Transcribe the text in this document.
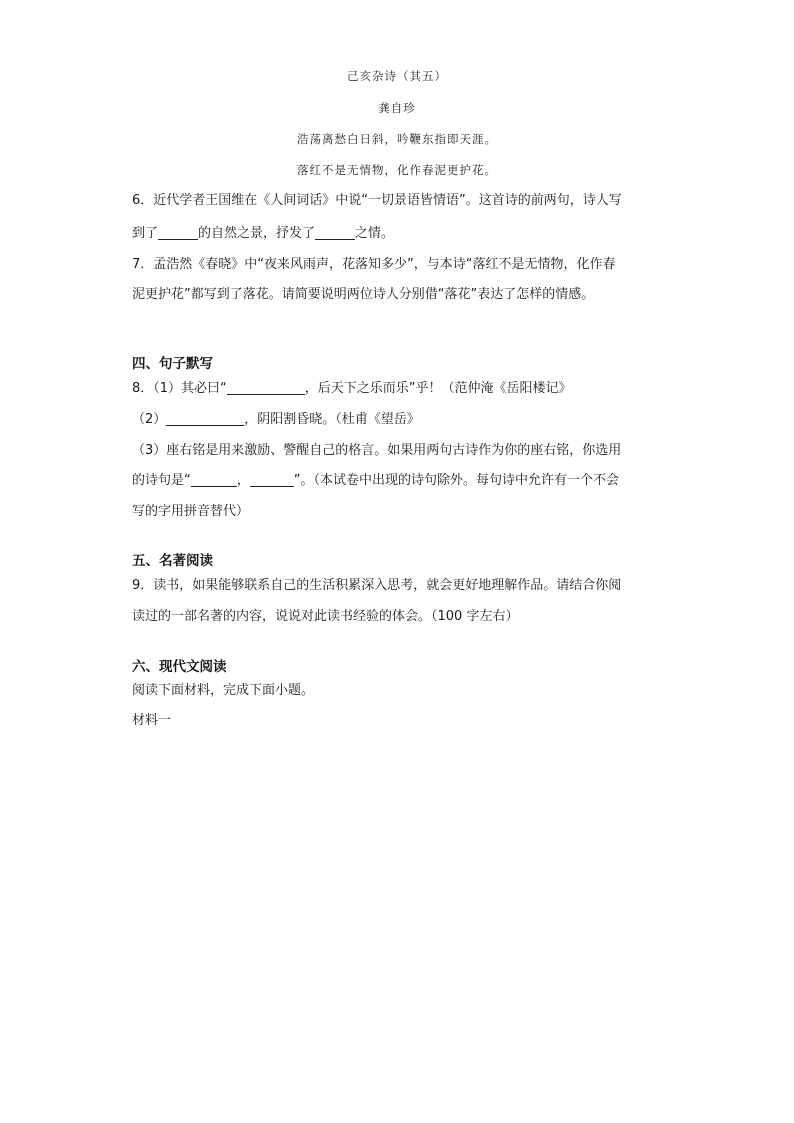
己亥杂诗（其五）
龚自珍
浩荡离愁白日斜，吟鞭东指即天涯。
落红不是无情物，化作春泥更护花。
6．近代学者王国维在《人间词话》中说“一切景语皆情语”。这首诗的前两句，诗人写
到了	的自然之景，抒发了	之情。
7．孟浩然《春晓》中“夜来风雨声，花落知多少”，与本诗“落红不是无情物，化作春
泥更护花”都写到了落花。请简要说明两位诗人分别借“落花”表达了怎样的情感。
四、句子默写
8．（1）其必曰“	，后天下之乐而乐”乎！（范仲淹《岳阳楼记》
（2）	，阴阳割昏晓。（杜甫《望岳》
（3）座右铭是用来激励、警醒自己的格言。如果用两句古诗作为你的座右铭，你选用
的诗句是“	，	”。（本试卷中出现的诗句除外。每句诗中允许有一个不会
写的字用拼音替代）
五、名著阅读
9．读书，如果能够联系自己的生活积累深入思考，就会更好地理解作品。请结合你阅
读过的一部名著的内容，说说对此读书经验的体会。（100 字左右）
六、现代文阅读
阅读下面材料，完成下面小题。
材料一
